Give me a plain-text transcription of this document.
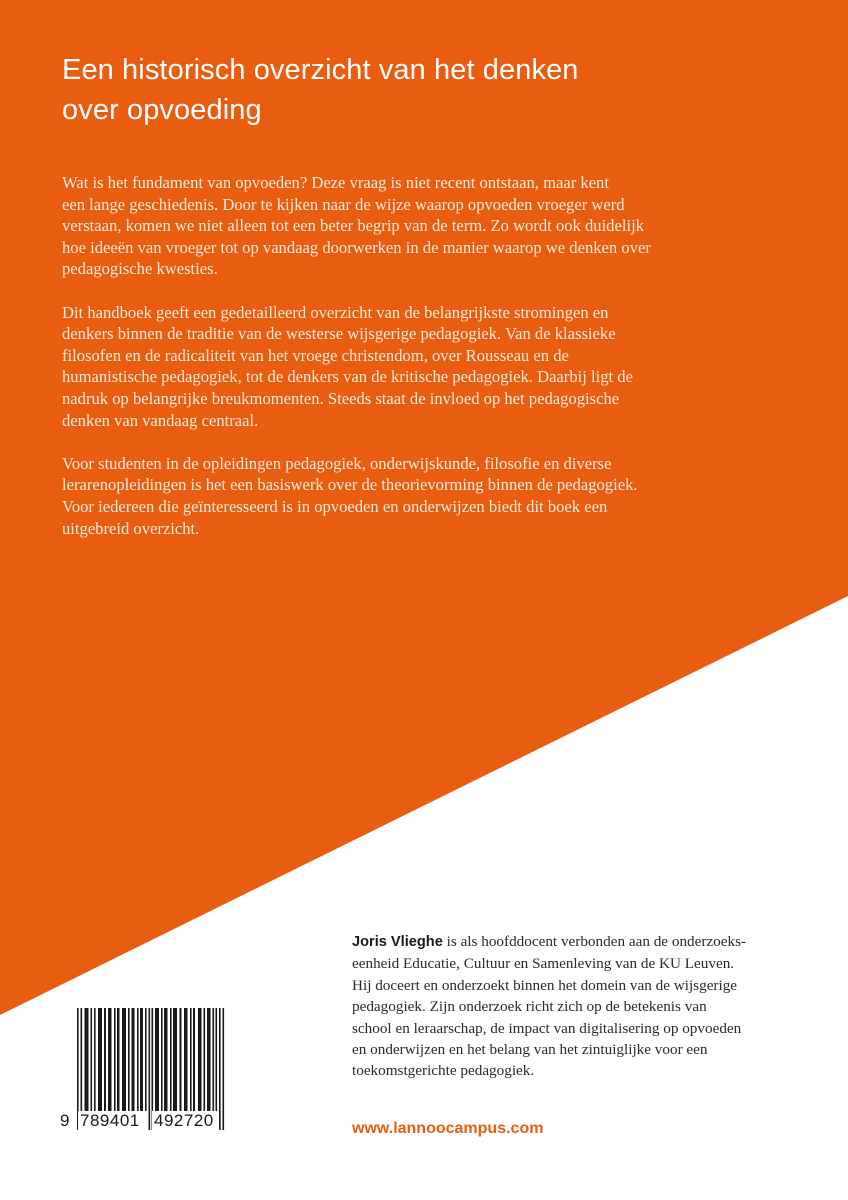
Een historisch overzicht van het denken
over opvoeding

Wat is het fundament van opvoeden? Deze vraag is niet recent ontstaan, maar kent
een lange geschiedenis. Door te kijken naar de wijze waarop opvoeden vroeger werd
verstaan, komen we niet alleen tot een beter begrip van de term. Zo wordt ook duidelijk
hoe ideeën van vroeger tot op vandaag doorwerken in de manier waarop we denken over
pedagogische kwesties.

Dit handboek geeft een gedetailleerd overzicht van de belangrijkste stromingen en
denkers binnen de traditie van de westerse wijsgerige pedagogiek. Van de klassieke
filosofen en de radicaliteit van het vroege christendom, over Rousseau en de
humanistische pedagogiek, tot de denkers van de kritische pedagogiek. Daarbij ligt de
nadruk op belangrijke breukmomenten. Steeds staat de invloed op het pedagogische
denken van vandaag centraal.

Voor studenten in de opleidingen pedagogiek, onderwijskunde, filosofie en diverse
lerarenopleidingen is het een basiswerk over de theorievorming binnen de pedagogiek.
Voor iedereen die geïnteresseerd is in opvoeden en onderwijzen biedt dit boek een
uitgebreid overzicht.

Joris Vlieghe is als hoofddocent verbonden aan de onderzoeks-
eenheid Educatie, Cultuur en Samenleving van de KU Leuven.
Hij doceert en onderzoekt binnen het domein van de wijsgerige
pedagogiek. Zijn onderzoek richt zich op de betekenis van
school en leraarschap, de impact van digitalisering op opvoeden
en onderwijzen en het belang van het zintuiglijke voor een
toekomstgerichte pedagogiek.

9 789401 492720	www.lannoocampus.com
